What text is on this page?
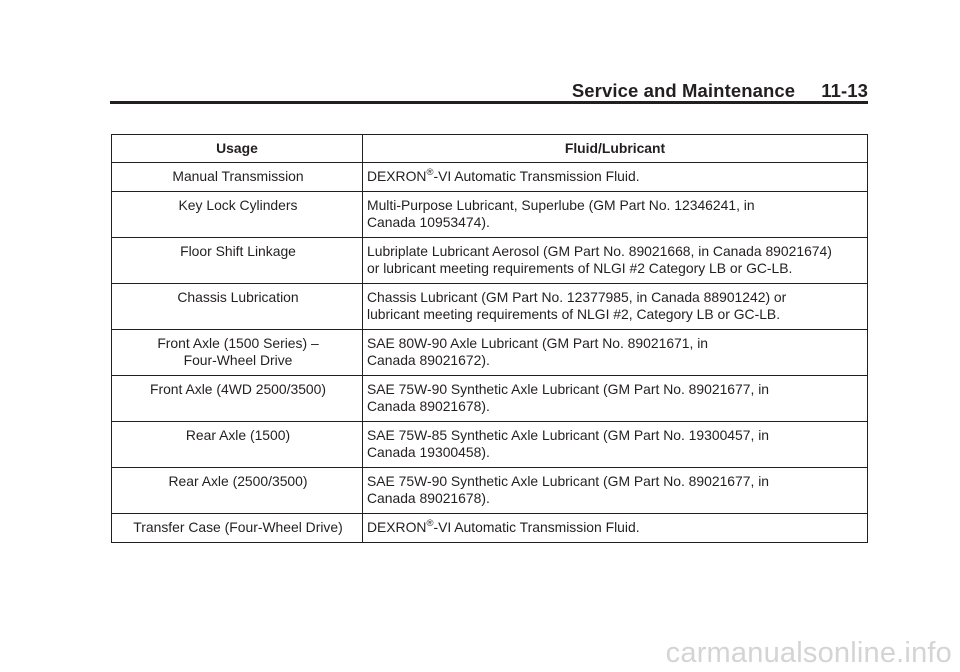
Service and Maintenance 11-13
Usage	Fluid/Lubricant
Manual Transmission	DEXRON®-VI Automatic Transmission Fluid.
Key Lock Cylinders	Multi-Purpose Lubricant, Superlube (GM Part No. 12346241, in
Canada 10953474).
Floor Shift Linkage	Lubriplate Lubricant Aerosol (GM Part No. 89021668, in Canada 89021674)
or lubricant meeting requirements of NLGI #2 Category LB or GC-LB.
Chassis Lubrication	Chassis Lubricant (GM Part No. 12377985, in Canada 88901242) or
lubricant meeting requirements of NLGI #2, Category LB or GC-LB.
Front Axle (1500 Series) –
Four-Wheel Drive	SAE 80W-90 Axle Lubricant (GM Part No. 89021671, in
Canada 89021672).
Front Axle (4WD 2500/3500)	SAE 75W-90 Synthetic Axle Lubricant (GM Part No. 89021677, in
Canada 89021678).
Rear Axle (1500)	SAE 75W-85 Synthetic Axle Lubricant (GM Part No. 19300457, in
Canada 19300458).
Rear Axle (2500/3500)	SAE 75W-90 Synthetic Axle Lubricant (GM Part No. 89021677, in
Canada 89021678).
Transfer Case (Four-Wheel Drive)	DEXRON®-VI Automatic Transmission Fluid.
carmanualsonline.info
